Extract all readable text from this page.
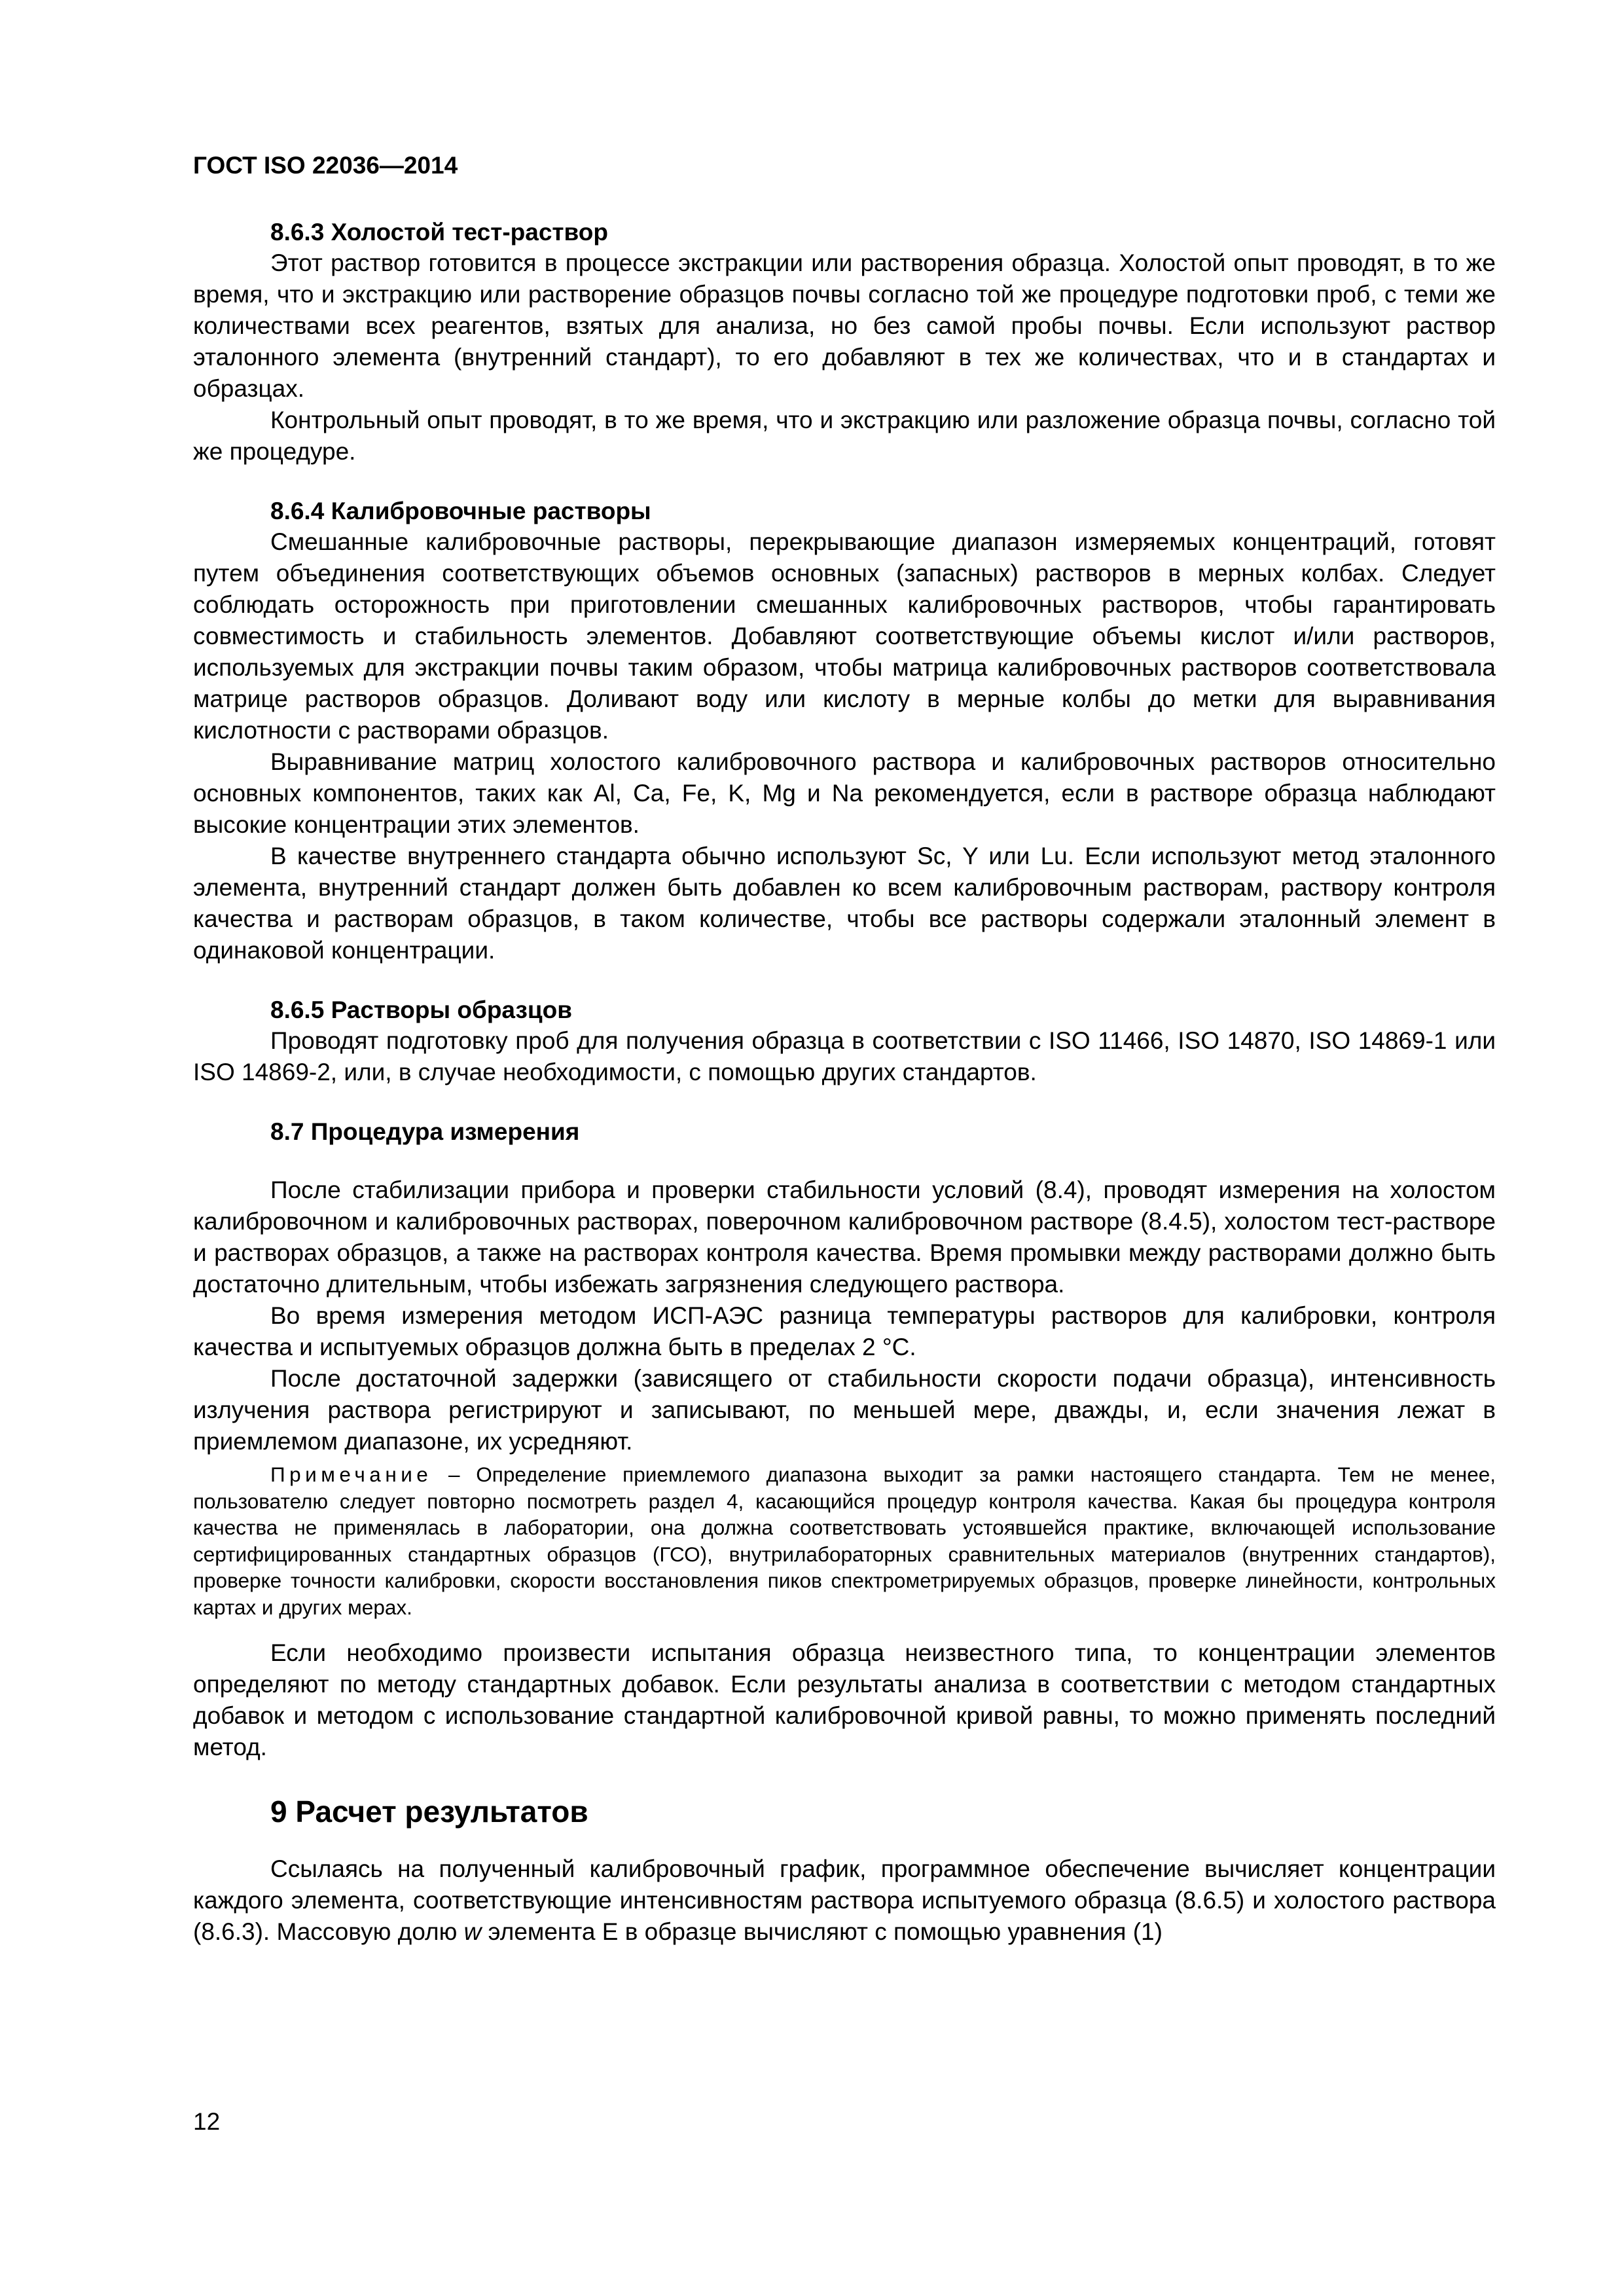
ГОСТ ISO 22036—2014
8.6.3 Холостой тест-раствор

Этот раствор готовится в процессе экстракции или растворения образца. Холостой опыт проводят, в то же время, что и экстракцию или растворение образцов почвы согласно той же процедуре подготовки проб, с теми же количествами всех реагентов, взятых для анализа, но без самой пробы почвы. Если используют раствор эталонного элемента (внутренний стандарт), то его добавляют в тех же количествах, что и в стандартах и образцах.

Контрольный опыт проводят, в то же время, что и экстракцию или разложение образца почвы, согласно той же процедуре.

8.6.4 Калибровочные растворы

Смешанные калибровочные растворы, перекрывающие диапазон измеряемых концентраций, готовят путем объединения соответствующих объемов основных (запасных) растворов в мерных колбах. Следует соблюдать осторожность при приготовлении смешанных калибровочных растворов, чтобы гарантировать совместимость и стабильность элементов. Добавляют соответствующие объемы кислот и/или растворов, используемых для экстракции почвы таким образом, чтобы матрица калибровочных растворов соответствовала матрице растворов образцов. Доливают воду или кислоту в мерные колбы до метки для выравнивания кислотности с растворами образцов.

Выравнивание матриц холостого калибровочного раствора и калибровочных растворов относительно основных компонентов, таких как Al, Ca, Fe, K, Mg и Na рекомендуется, если в растворе образца наблюдают высокие концентрации этих элементов.

В качестве внутреннего стандарта обычно используют Sc, Y или Lu. Если используют метод эталонного элемента, внутренний стандарт должен быть добавлен ко всем калибровочным растворам, раствору контроля качества и растворам образцов, в таком количестве, чтобы все растворы содержали эталонный элемент в одинаковой концентрации.

8.6.5 Растворы образцов

Проводят подготовку проб для получения образца в соответствии с ISO 11466, ISO 14870, ISO 14869-1 или ISO 14869-2, или, в случае необходимости, с помощью других стандартов.

8.7 Процедура измерения

После стабилизации прибора и проверки стабильности условий (8.4), проводят измерения на холостом калибровочном и калибровочных растворах, поверочном калибровочном растворе (8.4.5), холостом тест-растворе и растворах образцов, а также на растворах контроля качества. Время промывки между растворами должно быть достаточно длительным, чтобы избежать загрязнения следующего раствора.

Во время измерения методом ИСП-АЭС разница температуры растворов для калибровки, контроля качества и испытуемых образцов должна быть в пределах 2 °С.

После достаточной задержки (зависящего от стабильности скорости подачи образца), интенсивность излучения раствора регистрируют и записывают, по меньшей мере, дважды, и, если значения лежат в приемлемом диапазоне, их усредняют.

Примечание – Определение приемлемого диапазона выходит за рамки настоящего стандарта. Тем не менее, пользователю следует повторно посмотреть раздел 4, касающийся процедур контроля качества. Какая бы процедура контроля качества не применялась в лаборатории, она должна соответствовать устоявшейся практике, включающей использование сертифицированных стандартных образцов (ГСО), внутрилабораторных сравнительных материалов (внутренних стандартов), проверке точности калибровки, скорости восстановления пиков спектрометрируемых образцов, проверке линейности, контрольных картах и других мерах.

Если необходимо произвести испытания образца неизвестного типа, то концентрации элементов определяют по методу стандартных добавок. Если результаты анализа в соответствии с методом стандартных добавок и методом с использование стандартной калибровочной кривой равны, то можно применять последний метод.

9 Расчет результатов

Ссылаясь на полученный калибровочный график, программное обеспечение вычисляет концентрации каждого элемента, соответствующие интенсивностям раствора испытуемого образца (8.6.5) и холостого раствора (8.6.3). Массовую долю w элемента E в образце вычисляют с помощью уравнения (1)

12
